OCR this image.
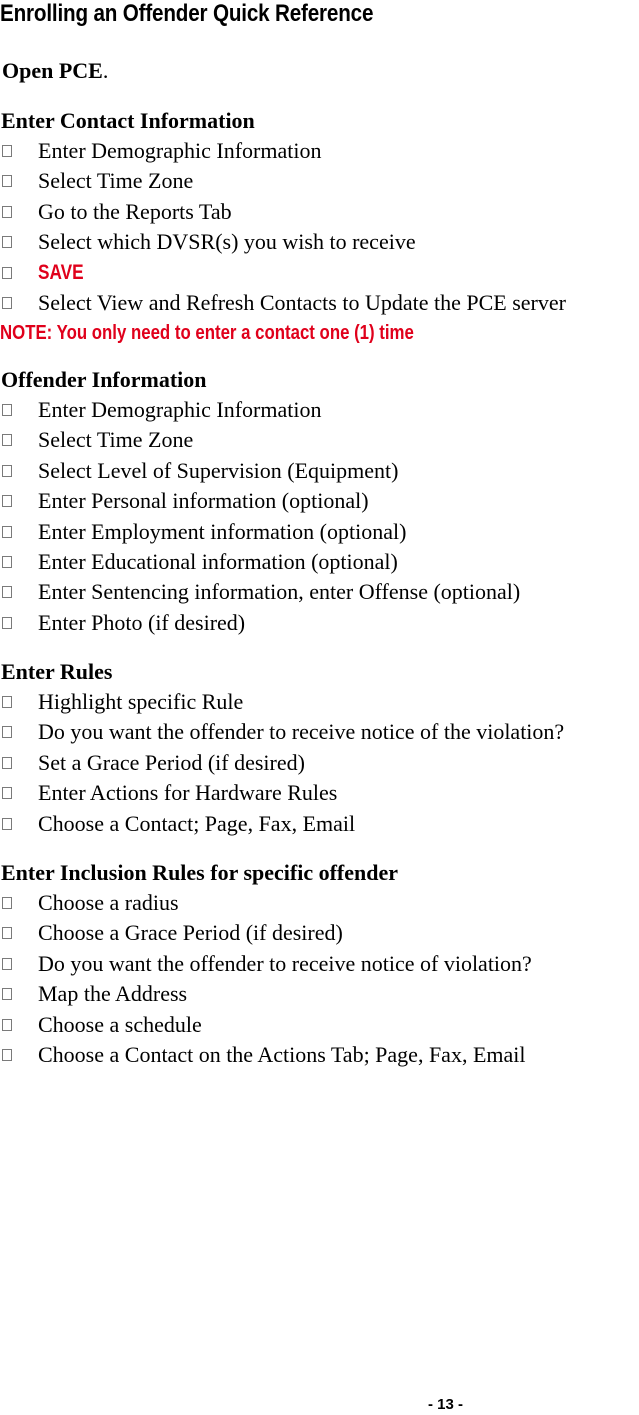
Enrolling an Offender Quick Reference
Open PCE.
Enter Contact Information
Enter Demographic Information
Select Time Zone
Go to the Reports Tab
Select which DVSR(s) you wish to receive
SAVE
Select View and Refresh Contacts to Update the PCE server
NOTE: You only need to enter a contact one (1) time
Offender Information
Enter Demographic Information
Select Time Zone
Select Level of Supervision (Equipment)
Enter Personal information (optional)
Enter Employment information (optional)
Enter Educational information (optional)
Enter Sentencing information, enter Offense (optional)
Enter Photo (if desired)
Enter Rules
Highlight specific Rule
Do you want the offender to receive notice of the violation?
Set a Grace Period (if desired)
Enter Actions for Hardware Rules
Choose a Contact; Page, Fax, Email
Enter Inclusion Rules for specific offender
Choose a radius
Choose a Grace Period (if desired)
Do you want the offender to receive notice of violation?
Map the Address
Choose a schedule
Choose a Contact on the Actions Tab; Page, Fax, Email
- 13 -
